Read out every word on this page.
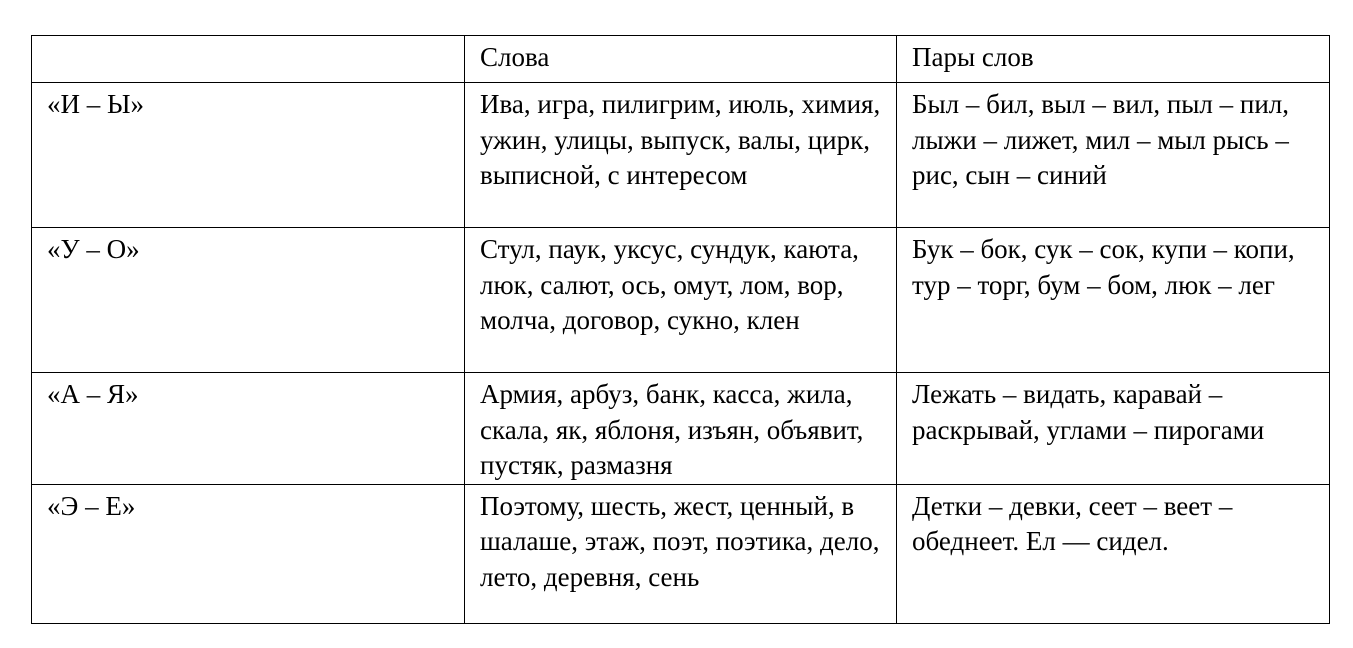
	Слова	Пары слов
«И – Ы»	Ива, игра, пилигрим, июль, химия, ужин, улицы, выпуск, валы, цирк, выписной, с интересом	Был – бил, выл – вил, пыл – пил, лыжи – лижет, мил – мыл рысь – рис, сын – синий
«У – О»	Стул, паук, уксус, сундук, каюта, люк, салют, ось, омут, лом, вор, молча, договор, сукно, клен	Бук – бок, сук – сок, купи – копи, тур – торг, бум – бом, люк – лег
«А – Я»	Армия, арбуз, банк, касса, жила, скала, як, яблоня, изъян, объявит, пустяк, размазня	Лежать – видать, каравай – раскрывай, углами – пирогами
«Э – Е»	Поэтому, шесть, жест, ценный, в шалаше, этаж, поэт, поэтика, дело, лето, деревня, сень	Детки – девки, сеет – веет – обеднеет. Ел — сидел.
